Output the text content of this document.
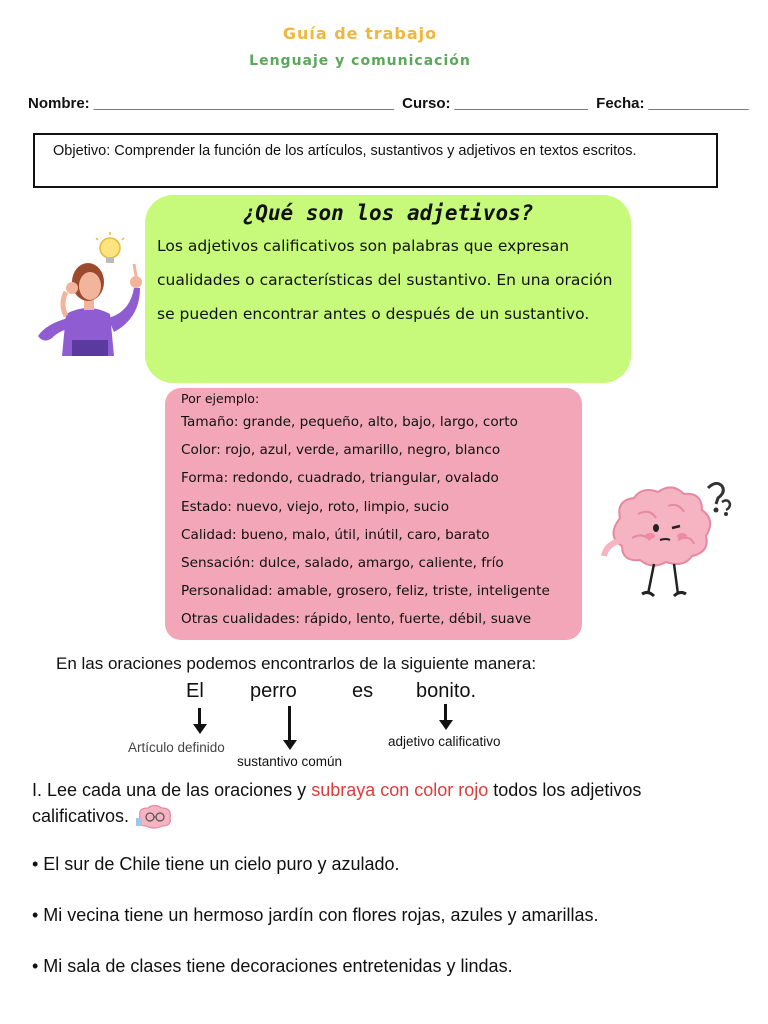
Guía de trabajo
Lenguaje y comunicación
Nombre: ____________________________________ Curso: ________________ Fecha: ____________
Objetivo: Comprender la función de los artículos, sustantivos y adjetivos en textos escritos.
¿Qué son los adjetivos?
Los adjetivos calificativos son palabras que expresan cualidades o características del sustantivo. En una oración se pueden encontrar antes o después de un sustantivo.
Por ejemplo:
Tamaño: grande, pequeño, alto, bajo, largo, corto
Color: rojo, azul, verde, amarillo, negro, blanco
Forma: redondo, cuadrado, triangular, ovalado
Estado: nuevo, viejo, roto, limpio, sucio
Calidad: bueno, malo, útil, inútil, caro, barato
Sensación: dulce, salado, amargo, caliente, frío
Personalidad: amable, grosero, feliz, triste, inteligente
Otras cualidades: rápido, lento, fuerte, débil, suave
En las oraciones podemos encontrarlos de la siguiente manera:
El perro	es bonito.
Artículo definido
sustantivo común
adjetivo calificativo
I. Lee cada una de las oraciones y subraya con color rojo todos los adjetivos calificativos.
• El sur de Chile tiene un cielo puro y azulado.
• Mi vecina tiene un hermoso jardín con flores rojas, azules y amarillas.
• Mi sala de clases tiene decoraciones entretenidas y lindas.
